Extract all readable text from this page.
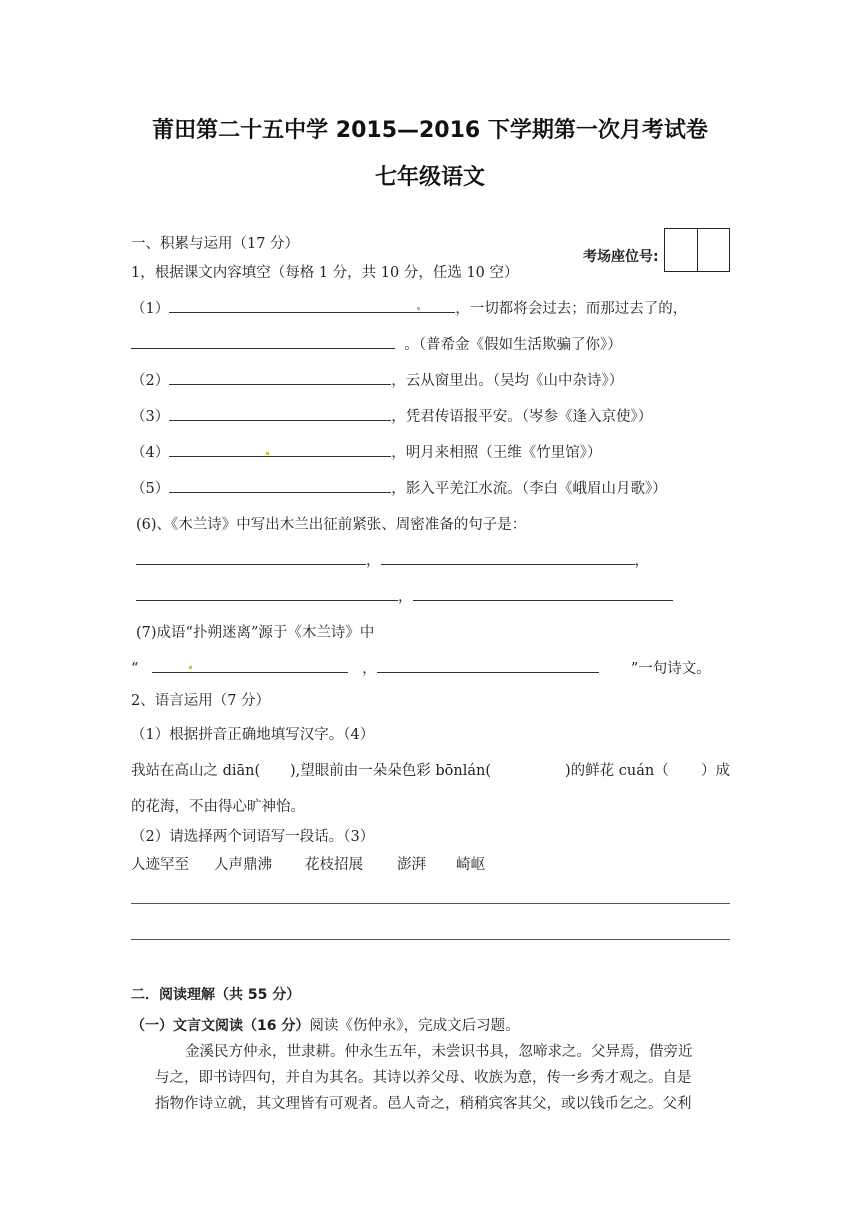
莆田第二十五中学 2015—2016 下学期第一次月考试卷
七年级语文
一、积累与运用（17 分）
考场座位号:
1，根据课文内容填空（每格 1 分，共 10 分，任选 10 空）
（1）	，一切都将会过去；而那过去了的，
。（普希金《假如生活欺骗了你》）
（2）	，云从窗里出。（吴均《山中杂诗》）
（3）	，凭君传语报平安。（岑参《逢入京使》）
（4）	，明月来相照（王维《竹里馆》）
（5）	，影入平羌江水流。（李白《峨眉山月歌》）
(6)、《木兰诗》中写出木兰出征前紧张、周密准备的句子是：
，	，
，
(7)成语“扑朔迷离”源于《木兰诗》中
“	，	”一句诗文。
2、语言运用（7 分）
（1）根据拼音正确地填写汉字。（4）
我站在高山之 diān( ),望眼前由一朵朵色彩 bōnlán(	)的鲜花 cuán（ ）成
的花海，不由得心旷神怡。
（2）请选择两个词语写一段话。（3）
人迹罕至 人声鼎沸 花枝招展 澎湃 崎岖
二．阅读理解（共 55 分）
（一）文言文阅读（16 分）阅读《伤仲永》，完成文后习题。
金溪民方仲永，世隶耕。仲永生五年，未尝识书具，忽啼求之。父异焉，借旁近
与之，即书诗四句，并自为其名。其诗以养父母、收族为意，传一乡秀才观之。自是
指物作诗立就，其文理皆有可观者。邑人奇之，稍稍宾客其父，或以钱币乞之。父利
